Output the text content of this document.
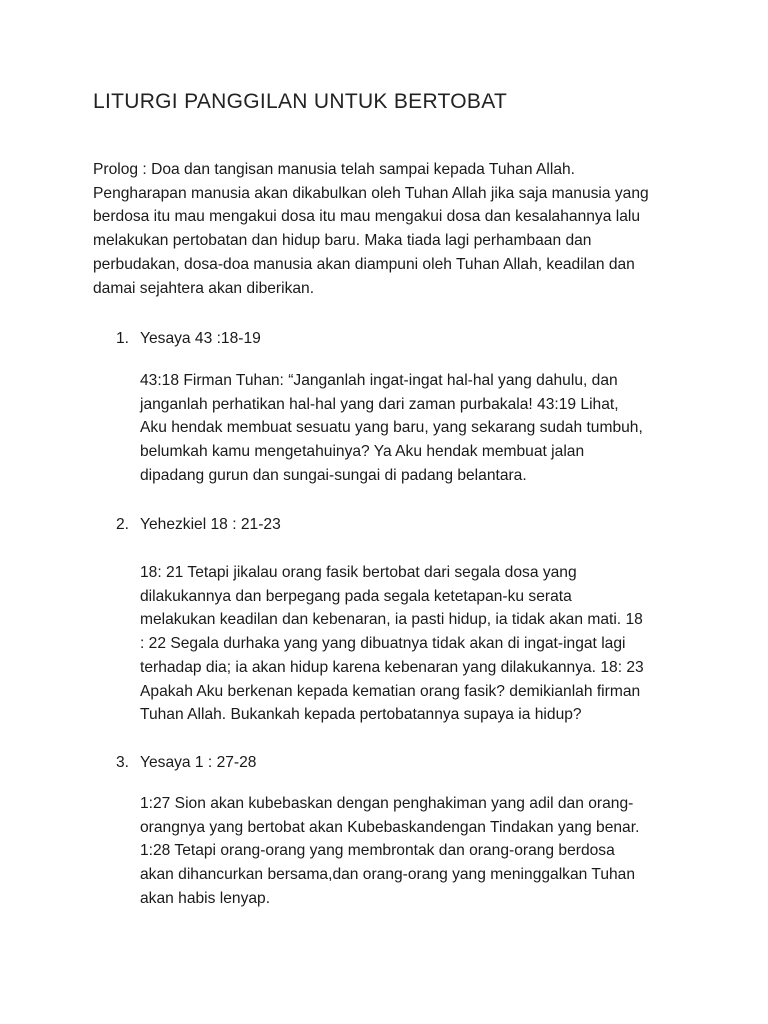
LITURGI PANGGILAN UNTUK BERTOBAT
Prolog : Doa dan tangisan manusia telah sampai kepada Tuhan Allah.
Pengharapan manusia akan dikabulkan oleh Tuhan Allah jika saja manusia yang
berdosa itu mau mengakui dosa itu mau mengakui dosa dan kesalahannya lalu
melakukan pertobatan dan hidup baru. Maka tiada lagi perhambaan dan
perbudakan, dosa-doa manusia akan diampuni oleh Tuhan Allah, keadilan dan
damai sejahtera akan diberikan.
1. Yesaya 43 :18-19
43:18 Firman Tuhan: “Janganlah ingat-ingat hal-hal yang dahulu, dan
janganlah perhatikan hal-hal yang dari zaman purbakala! 43:19 Lihat,
Aku hendak membuat sesuatu yang baru, yang sekarang sudah tumbuh,
belumkah kamu mengetahuinya? Ya Aku hendak membuat jalan
dipadang gurun dan sungai-sungai di padang belantara.
2. Yehezkiel 18 : 21-23
18: 21 Tetapi jikalau orang fasik bertobat dari segala dosa yang
dilakukannya dan berpegang pada segala ketetapan-ku serata
melakukan keadilan dan kebenaran, ia pasti hidup, ia tidak akan mati. 18
: 22 Segala durhaka yang yang dibuatnya tidak akan di ingat-ingat lagi
terhadap dia; ia akan hidup karena kebenaran yang dilakukannya. 18: 23
Apakah Aku berkenan kepada kematian orang fasik? demikianlah firman
Tuhan Allah. Bukankah kepada pertobatannya supaya ia hidup?
3. Yesaya 1 : 27-28
1:27 Sion akan kubebaskan dengan penghakiman yang adil dan orang-
orangnya yang bertobat akan Kubebaskandengan Tindakan yang benar.
1:28 Tetapi orang-orang yang membrontak dan orang-orang berdosa
akan dihancurkan bersama,dan orang-orang yang meninggalkan Tuhan
akan habis lenyap.
